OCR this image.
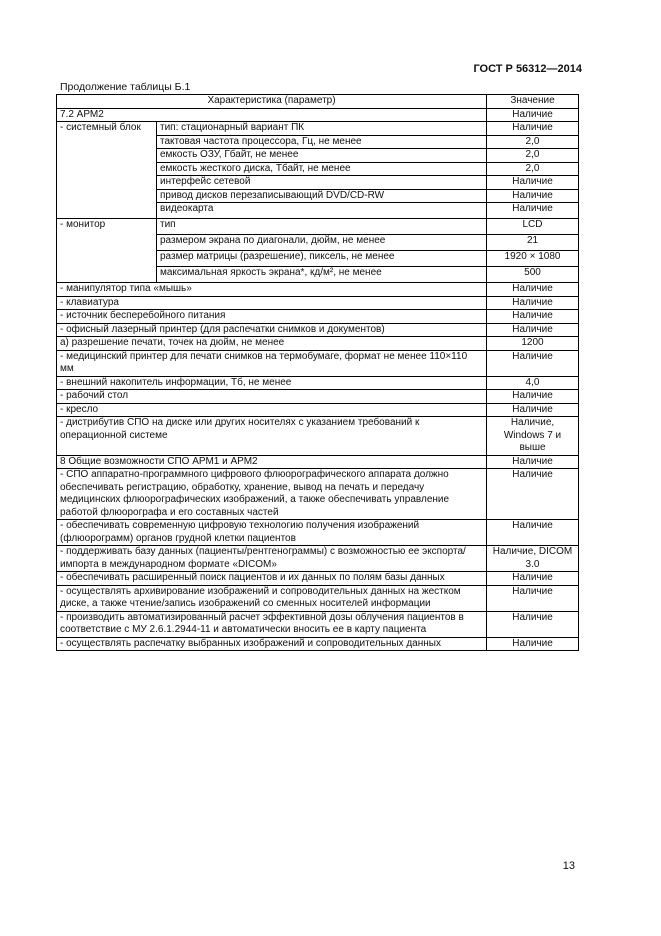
ГОСТ Р 56312—2014
Продолжение таблицы Б.1
Характеристика (параметр)		Значение
7.2 АРМ2		Наличие
- системный блок	тип: стационарный вариант ПК	Наличие
	тактовая частота процессора, Гц, не менее	2,0
	емкость ОЗУ, Гбайт, не менее	2,0
	емкость жесткого диска, Тбайт, не менее	2,0
	интерфейс сетевой	Наличие
	привод дисков перезаписывающий DVD/CD-RW	Наличие
	видеокарта	Наличие
- монитор	тип	LCD
	размером экрана по диагонали, дюйм, не менее	21
	размер матрицы (разрешение), пиксель, не менее	1920 × 1080
	максимальная яркость экрана*, кд/м², не менее	500
- манипулятор типа «мышь»		Наличие
- клавиатура		Наличие
- источник бесперебойного питания		Наличие
- офисный лазерный принтер (для распечатки снимков и документов)		Наличие
а) разрешение печати, точек на дюйм, не менее		1200
- медицинский принтер для печати снимков на термобумаге, формат не менее 110×110 мм		Наличие
- внешний накопитель информации, Тб, не менее		4,0
- рабочий стол		Наличие
- кресло		Наличие
- дистрибутив СПО на диске или других носителях с указанием требований к операционной системе		Наличие, Windows 7 и выше
8 Общие возможности СПО АРМ1 и АРМ2		Наличие
- СПО аппаратно-программного цифрового флюорографического аппарата должно обеспечивать регистрацию, обработку, хранение, вывод на печать и передачу медицинских флюорографических изображений, а также обеспечивать управление работой флюорографа и его составных частей		Наличие
- обеспечивать современную цифровую технологию получения изображений (флюорограмм) органов грудной клетки пациентов		Наличие
- поддерживать базу данных (пациенты/рентгенограммы) с возможностью ее экспорта/импорта в международном формате «DICOM»		Наличие, DICOM 3.0
- обеспечивать расширенный поиск пациентов и их данных по полям базы данных		Наличие
- осуществлять архивирование изображений и сопроводительных данных на жестком диске, а также чтение/запись изображений со сменных носителей информации		Наличие
- производить автоматизированный расчет эффективной дозы облучения пациентов в соответствие с МУ 2.6.1.2944-11 и автоматически вносить ее в карту пациента		Наличие
- осуществлять распечатку выбранных изображений и сопроводительных данных		Наличие
13
